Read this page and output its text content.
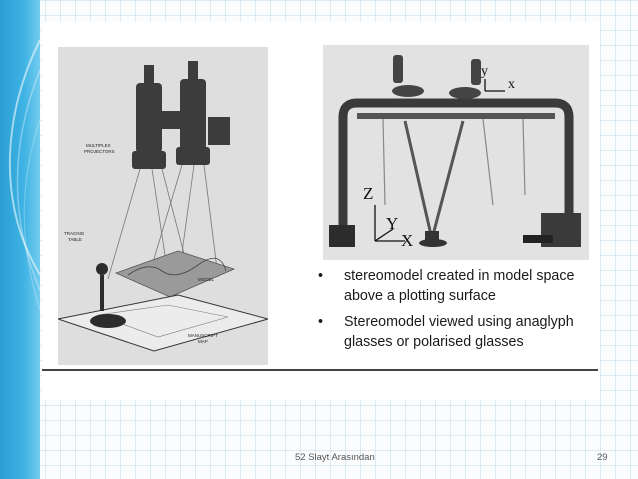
MULTIPLEX
PROJECTORS
TRACING
TABLE
MODEL
MANUSCRIPT
MAP
Z
Y
X
y
x
• stereomodel created in model space above a plotting surface
• Stereomodel viewed using anaglyph glasses or polarised glasses
52 Slayt Arasından	29
